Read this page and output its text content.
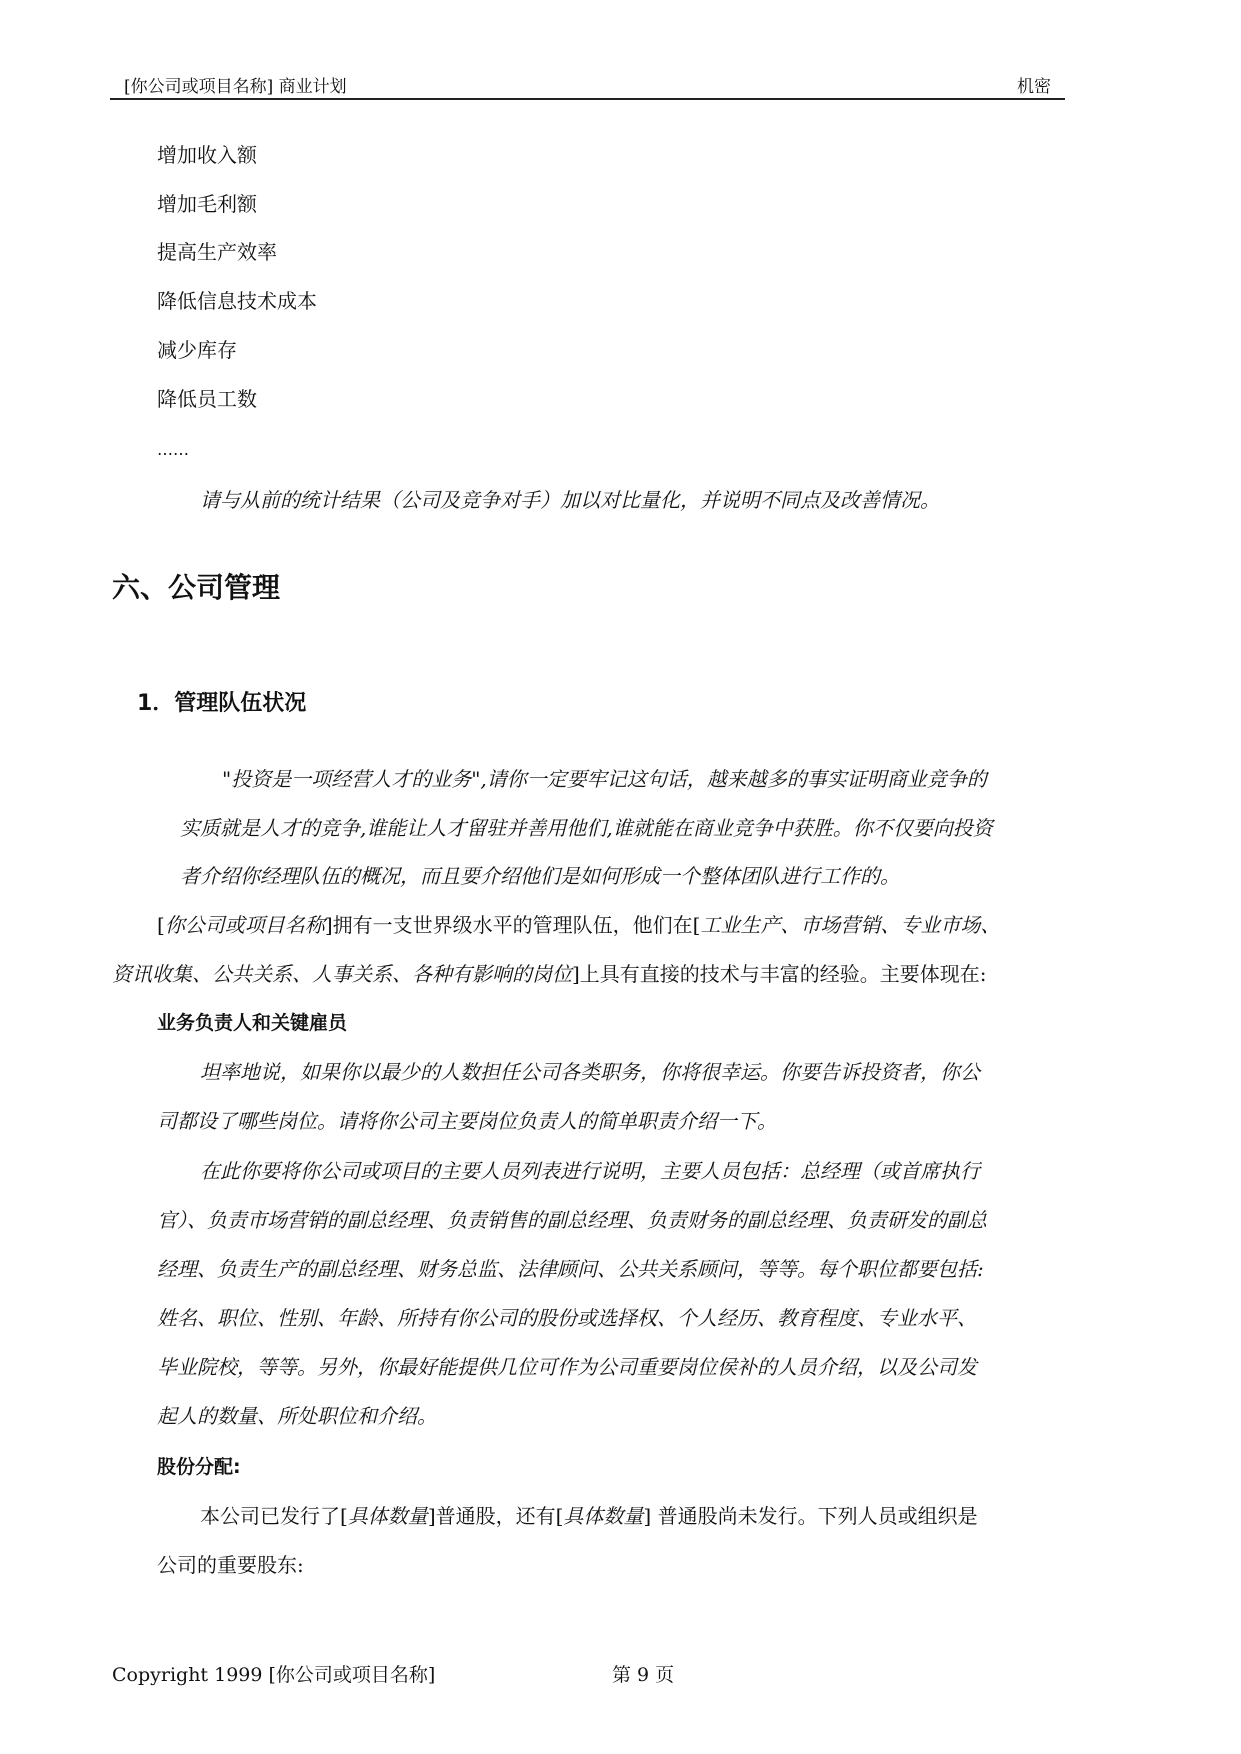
[你公司或项目名称] 商业计划	机密
增加收入额
增加毛利额
提高生产效率
降低信息技术成本
减少库存
降低员工数
……
请与从前的统计结果（公司及竞争对手）加以对比量化，并说明不同点及改善情况。
六、公司管理
1．管理队伍状况
"投资是一项经营人才的业务",请你一定要牢记这句话，越来越多的事实证明商业竞争的
实质就是人才的竞争,谁能让人才留驻并善用他们,谁就能在商业竞争中获胜。你不仅要向投资
者介绍你经理队伍的概况，而且要介绍他们是如何形成一个整体团队进行工作的。
[你公司或项目名称]拥有一支世界级水平的管理队伍，他们在[工业生产、市场营销、专业市场、
资讯收集、公共关系、人事关系、各种有影响的岗位]上具有直接的技术与丰富的经验。主要体现在:
业务负责人和关键雇员
坦率地说，如果你以最少的人数担任公司各类职务，你将很幸运。你要告诉投资者，你公
司都设了哪些岗位。请将你公司主要岗位负责人的简单职责介绍一下。
在此你要将你公司或项目的主要人员列表进行说明，主要人员包括：总经理（或首席执行
官）、负责市场营销的副总经理、负责销售的副总经理、负责财务的副总经理、负责研发的副总
经理、负责生产的副总经理、财务总监、法律顾问、公共关系顾问，等等。每个职位都要包括:
姓名、职位、性别、年龄、所持有你公司的股份或选择权、个人经历、教育程度、专业水平、
毕业院校，等等。另外，你最好能提供几位可作为公司重要岗位侯补的人员介绍，以及公司发
起人的数量、所处职位和介绍。
股份分配:
本公司已发行了[具体数量]普通股，还有[具体数量] 普通股尚未发行。下列人员或组织是
公司的重要股东:
Copyright 1999 [你公司或项目名称]	第 9 页
